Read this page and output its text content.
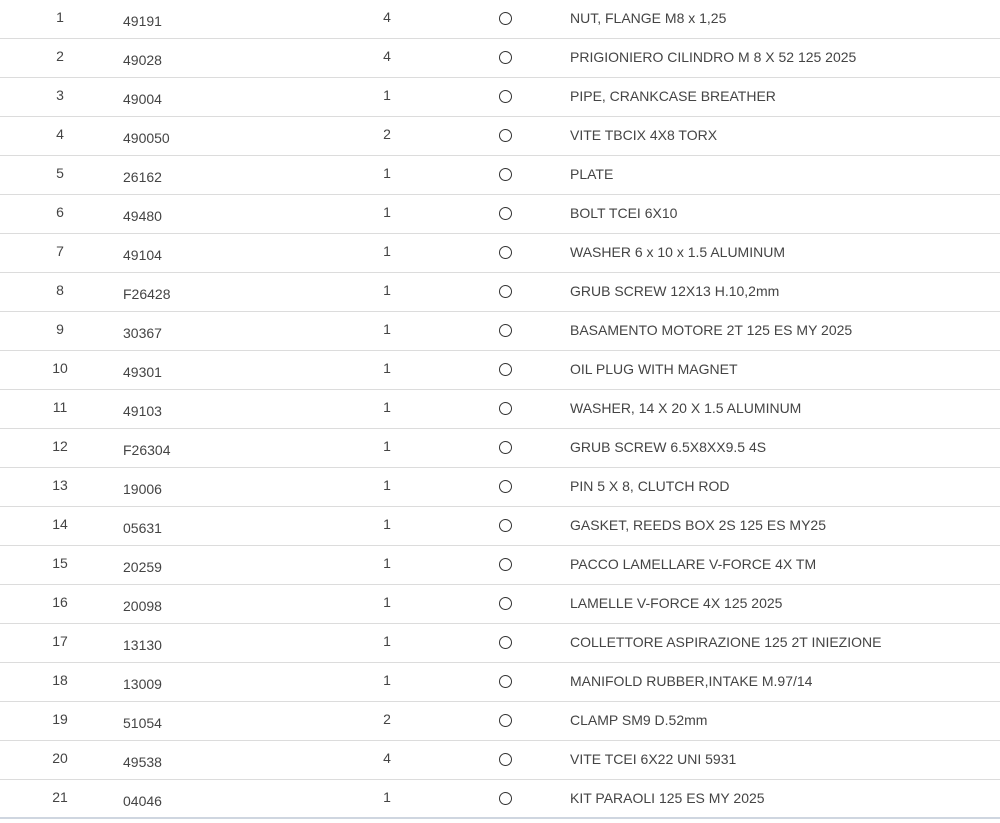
1	49191	4	NUT, FLANGE M8 x 1,25
2	49028	4	PRIGIONIERO CILINDRO M 8 X 52 125 2025
3	49004	1	PIPE, CRANKCASE BREATHER
4	490050	2	VITE TBCIX 4X8 TORX
5	26162	1	PLATE
6	49480	1	BOLT TCEI 6X10
7	49104	1	WASHER 6 x 10 x 1.5 ALUMINUM
8	F26428	1	GRUB SCREW 12X13 H.10,2mm
9	30367	1	BASAMENTO MOTORE 2T 125 ES MY 2025
10	49301	1	OIL PLUG WITH MAGNET
11	49103	1	WASHER, 14 X 20 X 1.5 ALUMINUM
12	F26304	1	GRUB SCREW 6.5X8XX9.5 4S
13	19006	1	PIN 5 X 8, CLUTCH ROD
14	05631	1	GASKET, REEDS BOX 2S 125 ES MY25
15	20259	1	PACCO LAMELLARE V-FORCE 4X TM
16	20098	1	LAMELLE V-FORCE 4X 125 2025
17	13130	1	COLLETTORE ASPIRAZIONE 125 2T INIEZIONE
18	13009	1	MANIFOLD RUBBER,INTAKE M.97/14
19	51054	2	CLAMP SM9 D.52mm
20	49538	4	VITE TCEI 6X22 UNI 5931
21	04046	1	KIT PARAOLI 125 ES MY 2025
